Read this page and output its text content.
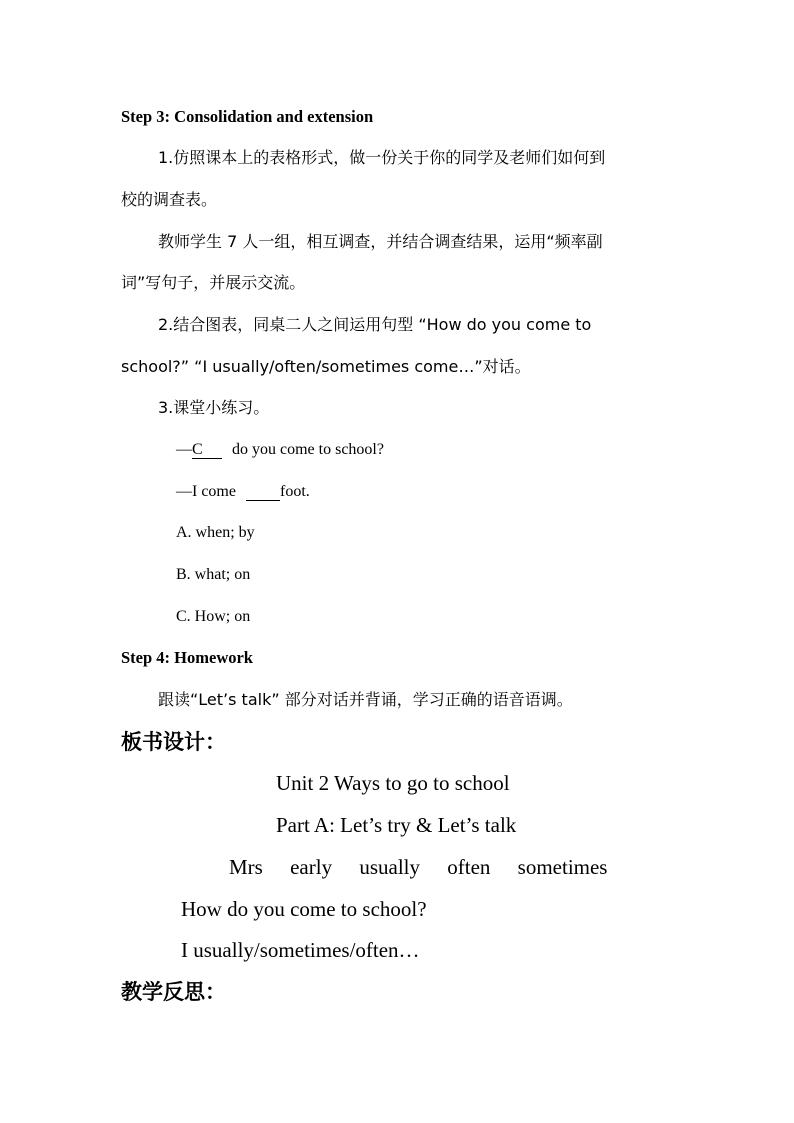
Step 3: Consolidation and extension
1.仿照课本上的表格形式，做一份关于你的同学及老师们如何到
校的调查表。
教师学生 7 人一组，相互调查，并结合调查结果，运用“频率副
词”写句子，并展示交流。
2.结合图表，同桌二人之间运用句型 “How do you come to
school?” “I usually/often/sometimes come…”对话。
3.课堂小练习。
—C do you come to school?
—I come	foot.
A. when; by
B. what; on
C. How; on
Step 4: Homework
跟读“Let’s talk” 部分对话并背诵，学习正确的语音语调。
板书设计：
Unit 2 Ways to go to school
Part A: Let’s try & Let’s talk
Mrs early usually often sometimes
How do you come to school?
I usually/sometimes/often…
教学反思：
